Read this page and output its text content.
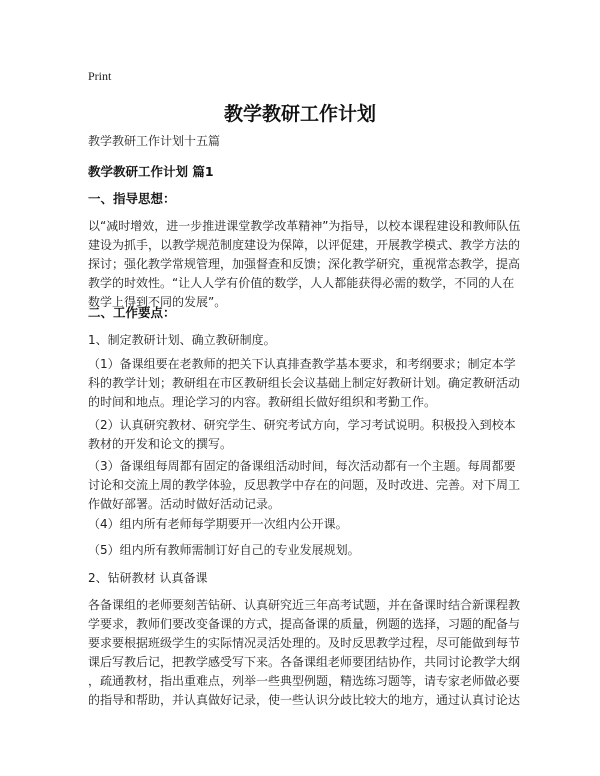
Print
教学教研工作计划
教学教研工作计划十五篇
教学教研工作计划 篇1
一、指导思想：
以“减时增效，进一步推进课堂教学改革精神”为指导，以校本课程建设和教师队伍
建设为抓手，以教学规范制度建设为保障，以评促建，开展教学模式、教学方法的
探讨；强化教学常规管理，加强督查和反馈；深化教学研究，重视常态教学，提高
教学的时效性。“让人人学有价值的数学，人人都能获得必需的数学，不同的人在
数学上得到不同的发展”。
二、工作要点：
1、制定教研计划、确立教研制度。
（1）备课组要在老教师的把关下认真排查教学基本要求，和考纲要求；制定本学
科的教学计划；教研组在市区教研组长会议基础上制定好教研计划。确定教研活动
的时间和地点。理论学习的内容。教研组长做好组织和考勤工作。
（2）认真研究教材、研究学生、研究考试方向，学习考试说明。积极投入到校本
教材的开发和论文的撰写。
（3）备课组每周都有固定的备课组活动时间，每次活动都有一个主题。每周都要
讨论和交流上周的教学体验，反思教学中存在的问题，及时改进、完善。对下周工
作做好部署。活动时做好活动记录。
（4）组内所有老师每学期要开一次组内公开课。
（5）组内所有教师需制订好自己的专业发展规划。
2、钻研教材 认真备课
各备课组的老师要刻苦钻研、认真研究近三年高考试题，并在备课时结合新课程教
学要求，教师们要改变备课的方式，提高备课的质量，例题的选择，习题的配备与
要求要根据班级学生的实际情况灵活处理的。及时反思教学过程，尽可能做到每节
课后写教后记，把教学感受写下来。各备课组老师要团结协作，共同讨论教学大纲
，疏通教材，指出重难点，列举一些典型例题，精选练习题等，请专家老师做必要
的指导和帮助，并认真做好记录，使一些认识分歧比较大的地方，通过认真讨论达
